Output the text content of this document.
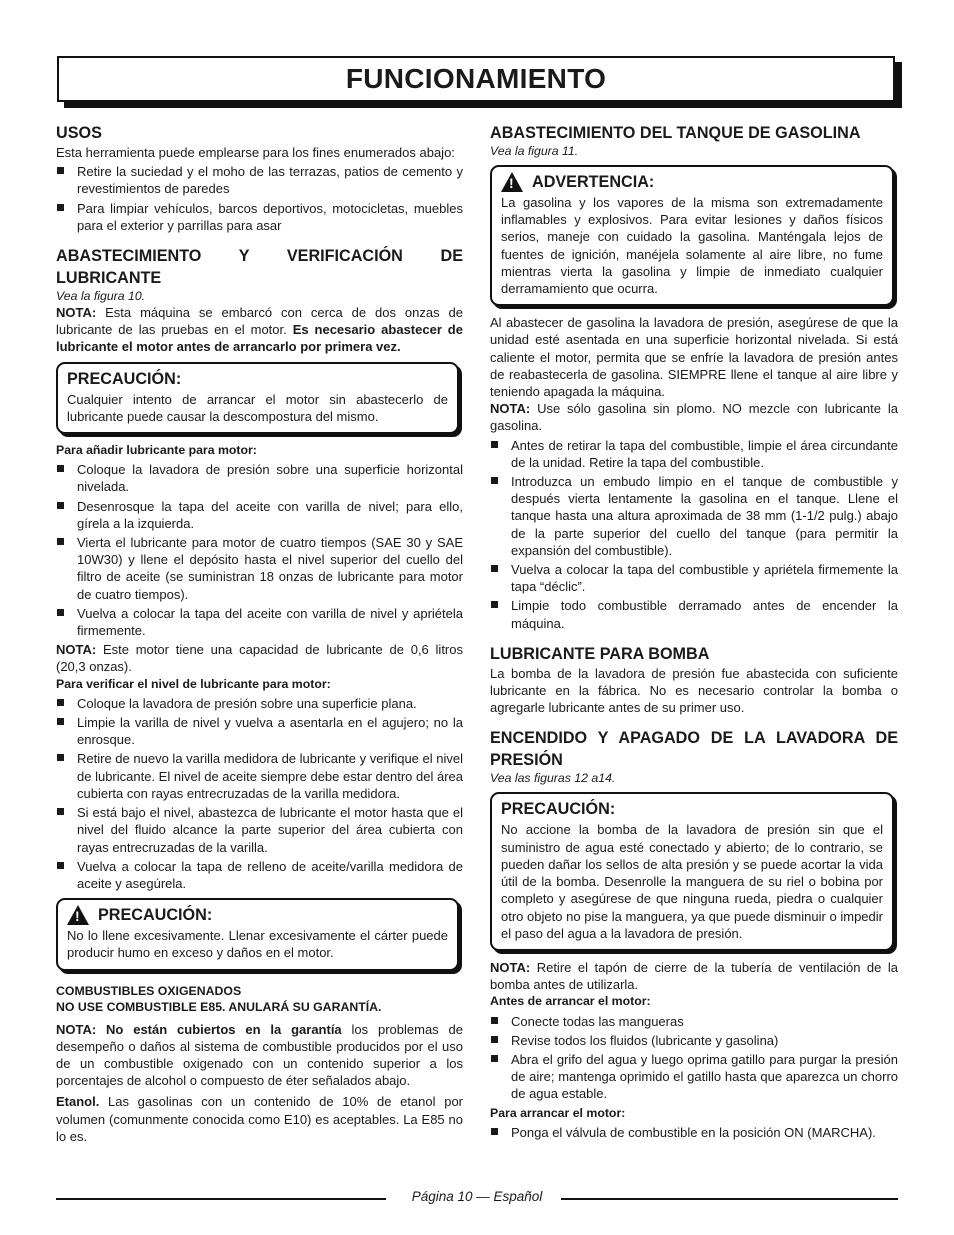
FUNCIONAMIENTO

USOS

Esta herramienta puede emplearse para los fines enumerados abajo:

Retire la suciedad y el moho de las terrazas, patios de cemento y revestimientos de paredes
Para limpiar vehículos, barcos deportivos, motocicletas, muebles para el exterior y parrillas para asar

ABASTECIMIENTO Y VERIFICACIÓN DE LUBRICANTE

Vea la figura 10.

NOTA: Esta máquina se embarcó con cerca de dos onzas de lubricante de las pruebas en el motor. Es necesario abastecer de lubricante el motor antes de arrancarlo por primera vez.

PRECAUCIÓN:

Cualquier intento de arrancar el motor sin abastecerlo de lubricante puede causar la descompostura del mismo.

Para añadir lubricante para motor:

Coloque la lavadora de presión sobre una superficie horizontal nivelada.
Desenrosque la tapa del aceite con varilla de nivel; para ello, gírela a la izquierda.
Vierta el lubricante para motor de cuatro tiempos (SAE 30 y SAE 10W30) y llene el depósito hasta el nivel superior del cuello del filtro de aceite (se suministran 18 onzas de lubricante para motor de cuatro tiempos).
Vuelva a colocar la tapa del aceite con varilla de nivel y apriétela firmemente.

NOTA: Este motor tiene una capacidad de lubricante de 0,6 litros (20,3 onzas).

Para verificar el nivel de lubricante para motor:

Coloque la lavadora de presión sobre una superficie plana.
Limpie la varilla de nivel y vuelva a asentarla en el agujero; no la enrosque.
Retire de nuevo la varilla medidora de lubricante y verifique el nivel de lubricante. El nivel de aceite siempre debe estar dentro del área cubierta con rayas entrecruzadas de la varilla medidora.
Si está bajo el nivel, abastezca de lubricante el motor hasta que el nivel del fluido alcance la parte superior del área cubierta con rayas entrecruzadas de la varilla.
Vuelva a colocar la tapa de relleno de aceite/varilla medidora de aceite y asegúrela.
!
PRECAUCIÓN:

No lo llene excesivamente. Llenar excesivamente el cárter puede producir humo en exceso y daños en el motor.

COMBUSTIBLES OXIGENADOS

NO USE COMBUSTIBLE E85. ANULARÁ SU GARANTÍA.

NOTA: No están cubiertos en la garantía los problemas de desempeño o daños al sistema de combustible producidos por el uso de un combustible oxigenado con un contenido superior a los porcentajes de alcohol o compuesto de éter señalados abajo.

Etanol. Las gasolinas con un contenido de 10% de etanol por volumen (comunmente conocida como E10) es aceptables. La E85 no lo es.

ABASTECIMIENTO DEL TANQUE DE GASOLINA

Vea la figura 11.

!
ADVERTENCIA:

La gasolina y los vapores de la misma son extremadamente inflamables y explosivos. Para evitar lesiones y daños físicos serios, maneje con cuidado la gasolina. Manténgala lejos de fuentes de ignición, manéjela solamente al aire libre, no fume mientras vierta la gasolina y limpie de inmediato cualquier derramamiento que ocurra.

Al abastecer de gasolina la lavadora de presión, asegúrese de que la unidad esté asentada en una superficie horizontal nivelada. Si está caliente el motor, permita que se enfríe la lavadora de presión antes de reabastecerla de gasolina. SIEMPRE llene el tanque al aire libre y teniendo apagada la máquina.

NOTA: Use sólo gasolina sin plomo. NO mezcle con lubricante la gasolina.

Antes de retirar la tapa del combustible, limpie el área circundante de la unidad. Retire la tapa del combustible.
Introduzca un embudo limpio en el tanque de combustible y después vierta lentamente la gasolina en el tanque. Llene el tanque hasta una altura aproximada de 38 mm (1-1/2 pulg.) abajo de la parte superior del cuello del tanque (para permitir la expansión del combustible).
Vuelva a colocar la tapa del combustible y apriétela firmemente la tapa “déclic”.
Limpie todo combustible derramado antes de encender la máquina.

LUBRICANTE PARA BOMBA

La bomba de la lavadora de presión fue abastecida con suficiente lubricante en la fábrica. No es necesario controlar la bomba o agregarle lubricante antes de su primer uso.

ENCENDIDO Y APAGADO DE LA LAVADORA DE PRESIÓN

Vea las figuras 12 a14.

PRECAUCIÓN:

No accione la bomba de la lavadora de presión sin que el suministro de agua esté conectado y abierto; de lo contrario, se pueden dañar los sellos de alta presión y se puede acortar la vida útil de la bomba. Desenrolle la manguera de su riel o bobina por completo y asegúrese de que ninguna rueda, piedra o cualquier otro objeto no pise la manguera, ya que puede disminuir o impedir el paso del agua a la lavadora de presión.

NOTA: Retire el tapón de cierre de la tubería de ventilación de la bomba antes de utilizarla.

Antes de arrancar el motor:

Conecte todas las mangueras
Revise todos los fluidos (lubricante y gasolina)
Abra el grifo del agua y luego oprima gatillo para purgar la presión de aire; mantenga oprimido el gatillo hasta que aparezca un chorro de agua estable.

Para arrancar el motor:

Ponga el válvula de combustible en la posición ON (MARCHA).
Página 10 — Español
